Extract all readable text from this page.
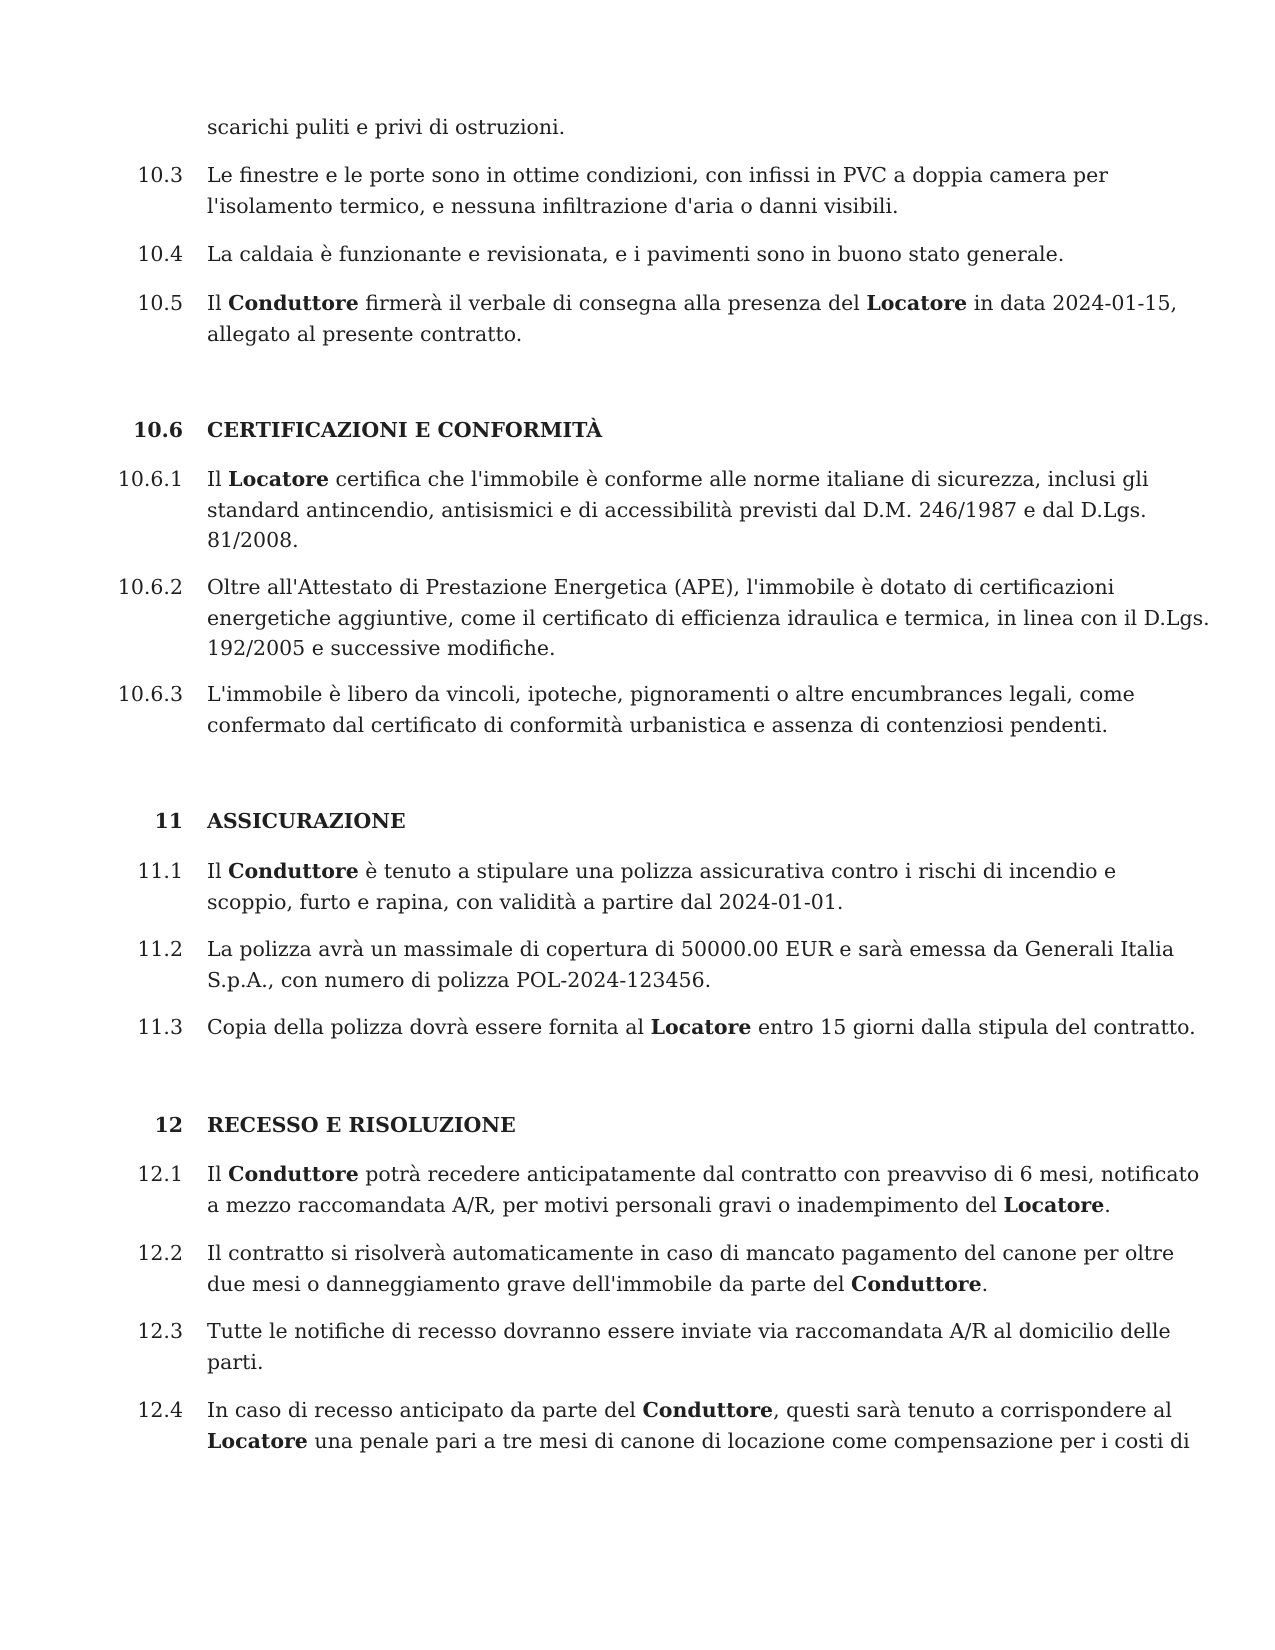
scarichi puliti e privi di ostruzioni.
10.3 Le finestre e le porte sono in ottime condizioni, con infissi in PVC a doppia camera per
l'isolamento termico, e nessuna infiltrazione d'aria o danni visibili.
10.4 La caldaia è funzionante e revisionata, e i pavimenti sono in buono stato generale.
10.5 Il Conduttore firmerà il verbale di consegna alla presenza del Locatore in data 2024-01-15,
allegato al presente contratto.
10.6 CERTIFICAZIONI E CONFORMITÀ
10.6.1 Il Locatore certifica che l'immobile è conforme alle norme italiane di sicurezza, inclusi gli
standard antincendio, antisismici e di accessibilità previsti dal D.M. 246/1987 e dal D.Lgs.
81/2008.
10.6.2 Oltre all'Attestato di Prestazione Energetica (APE), l'immobile è dotato di certificazioni
energetiche aggiuntive, come il certificato di efficienza idraulica e termica, in linea con il D.Lgs.
192/2005 e successive modifiche.
10.6.3 L'immobile è libero da vincoli, ipoteche, pignoramenti o altre encumbrances legali, come
confermato dal certificato di conformità urbanistica e assenza di contenziosi pendenti.
11 ASSICURAZIONE
11.1 Il Conduttore è tenuto a stipulare una polizza assicurativa contro i rischi di incendio e
scoppio, furto e rapina, con validità a partire dal 2024-01-01.
11.2 La polizza avrà un massimale di copertura di 50000.00 EUR e sarà emessa da Generali Italia
S.p.A., con numero di polizza POL-2024-123456.
11.3 Copia della polizza dovrà essere fornita al Locatore entro 15 giorni dalla stipula del contratto.
12 RECESSO E RISOLUZIONE
12.1 Il Conduttore potrà recedere anticipatamente dal contratto con preavviso di 6 mesi, notificato
a mezzo raccomandata A/R, per motivi personali gravi o inadempimento del Locatore.
12.2 Il contratto si risolverà automaticamente in caso di mancato pagamento del canone per oltre
due mesi o danneggiamento grave dell'immobile da parte del Conduttore.
12.3 Tutte le notifiche di recesso dovranno essere inviate via raccomandata A/R al domicilio delle
parti.
12.4 In caso di recesso anticipato da parte del Conduttore, questi sarà tenuto a corrispondere al
Locatore una penale pari a tre mesi di canone di locazione come compensazione per i costi di
